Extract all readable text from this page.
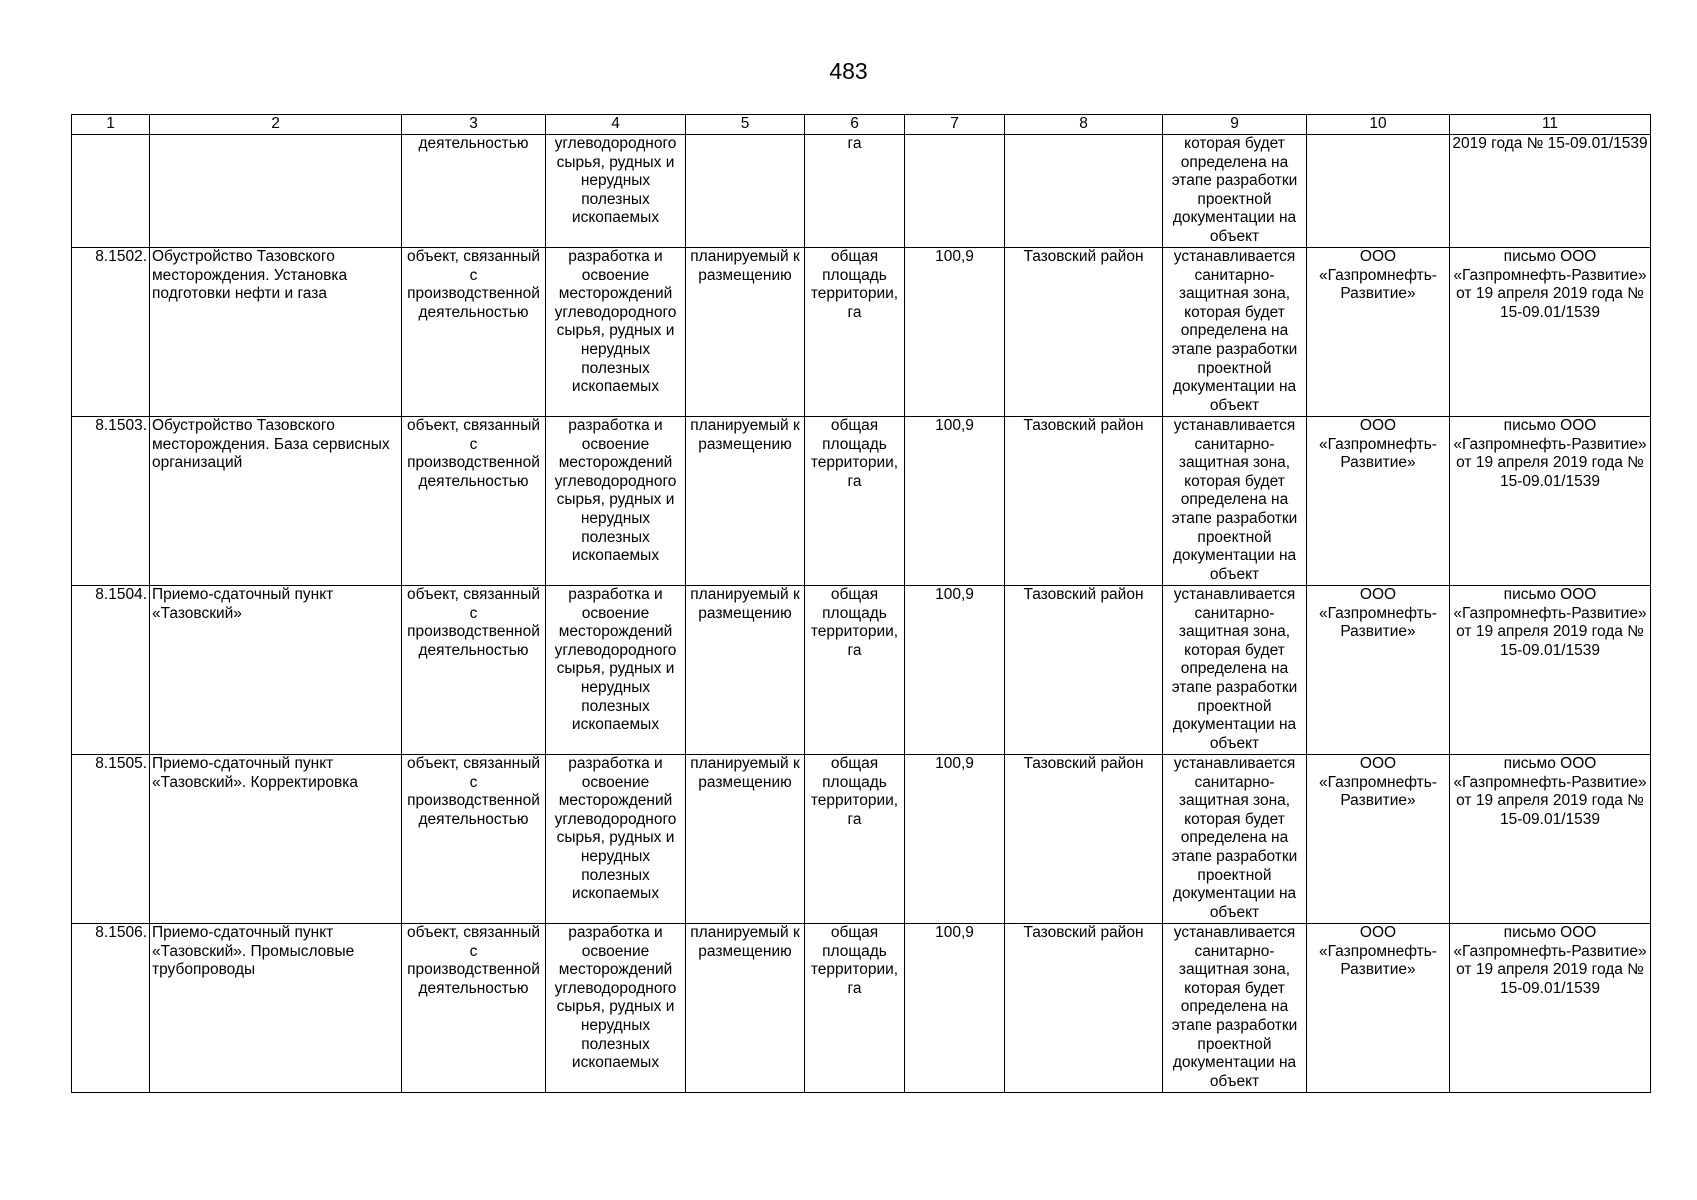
483
1	2	3	4	5	6	7	8	9	10	11
		деятельностью	углеводородного сырья, рудных и нерудных полезных ископаемых		га			которая будет определена на этапе разработки проектной документации на объект		2019 года № 15-09.01/1539
8.1502.	Обустройство Тазовского месторождения. Установка подготовки нефти и газа	объект, связанный с производственной деятельностью	разработка и освоение месторождений углеводородного сырья, рудных и нерудных полезных ископаемых	планируемый к размещению	общая площадь территории, га	100,9	Тазовский район	устанавливается санитарно-защитная зона, которая будет определена на этапе разработки проектной документации на объект	ООО «Газпромнефть-Развитие»	письмо ООО «Газпромнефть-Развитие» от 19 апреля 2019 года № 15-09.01/1539
8.1503.	Обустройство Тазовского месторождения. База сервисных организаций	объект, связанный с производственной деятельностью	разработка и освоение месторождений углеводородного сырья, рудных и нерудных полезных ископаемых	планируемый к размещению	общая площадь территории, га	100,9	Тазовский район	устанавливается санитарно-защитная зона, которая будет определена на этапе разработки проектной документации на объект	ООО «Газпромнефть-Развитие»	письмо ООО «Газпромнефть-Развитие» от 19 апреля 2019 года № 15-09.01/1539
8.1504.	Приемо-сдаточный пункт «Тазовский»	объект, связанный с производственной деятельностью	разработка и освоение месторождений углеводородного сырья, рудных и нерудных полезных ископаемых	планируемый к размещению	общая площадь территории, га	100,9	Тазовский район	устанавливается санитарно-защитная зона, которая будет определена на этапе разработки проектной документации на объект	ООО «Газпромнефть-Развитие»	письмо ООО «Газпромнефть-Развитие» от 19 апреля 2019 года № 15-09.01/1539
8.1505.	Приемо-сдаточный пункт «Тазовский». Корректировка	объект, связанный с производственной деятельностью	разработка и освоение месторождений углеводородного сырья, рудных и нерудных полезных ископаемых	планируемый к размещению	общая площадь территории, га	100,9	Тазовский район	устанавливается санитарно-защитная зона, которая будет определена на этапе разработки проектной документации на объект	ООО «Газпромнефть-Развитие»	письмо ООО «Газпромнефть-Развитие» от 19 апреля 2019 года № 15-09.01/1539
8.1506.	Приемо-сдаточный пункт «Тазовский». Промысловые трубопроводы	объект, связанный с производственной деятельностью	разработка и освоение месторождений углеводородного сырья, рудных и нерудных полезных ископаемых	планируемый к размещению	общая площадь территории, га	100,9	Тазовский район	устанавливается санитарно-защитная зона, которая будет определена на этапе разработки проектной документации на объект	ООО «Газпромнефть-Развитие»	письмо ООО «Газпромнефть-Развитие» от 19 апреля 2019 года № 15-09.01/1539
